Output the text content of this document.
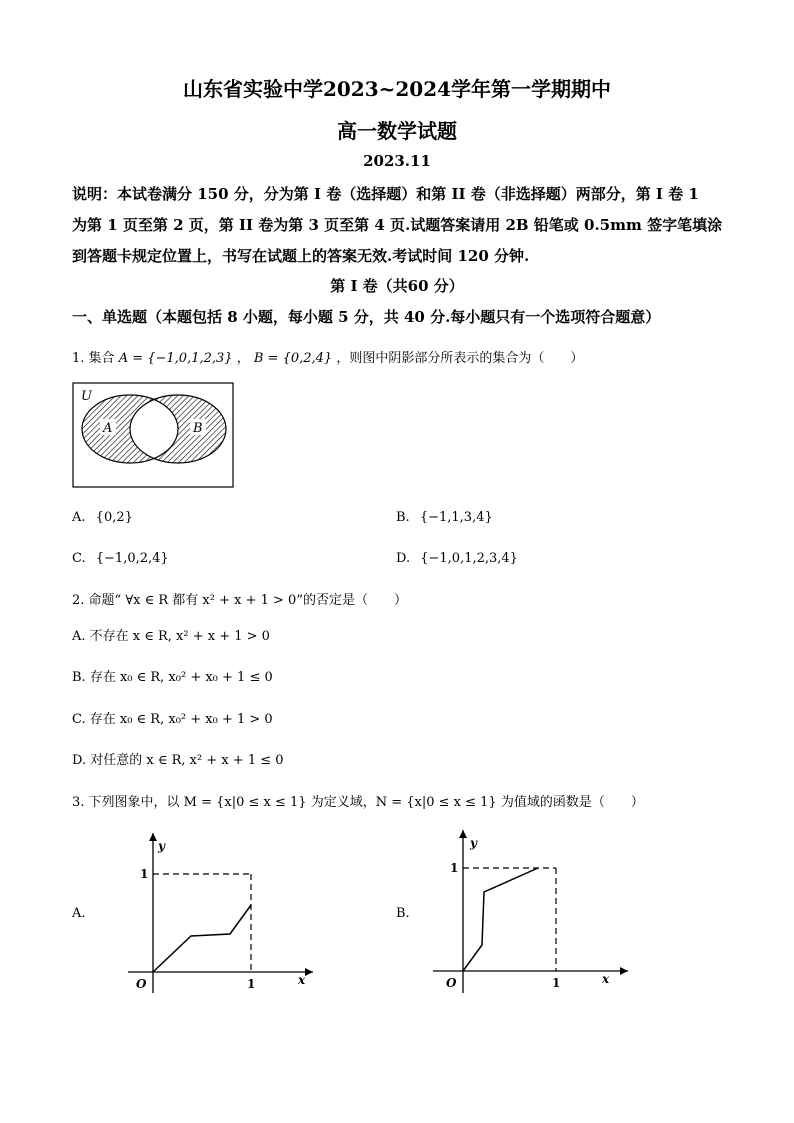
山东省实验中学2023~2024学年第一学期期中
高一数学试题
2023.11
说明：本试卷满分 150 分，分为第 I 卷（选择题）和第 II 卷（非选择题）两部分，第 I 卷 1
为第 1 页至第 2 页，第 II 卷为第 3 页至第 4 页.试题答案请用 2B 铅笔或 0.5mm 签字笔填涂
到答题卡规定位置上，书写在试题上的答案无效.考试时间 120 分钟.
第 I 卷（共60 分）
一、单选题（本题包括 8 小题，每小题 5 分，共 40 分.每小题只有一个选项符合题意）
1. 集合 A = {−1,0,1,2,3} ， B = {0,2,4} ，则图中阴影部分所表示的集合为（　　）
U
A	B
A. {0,2}	B. {−1,1,3,4}
C. {−1,0,2,4}	D. {−1,0,1,2,3,4}
2. 命题“ ∀x ∈ R 都有 x² + x + 1 > 0”的否定是（　　）
A. 不存在 x ∈ R, x² + x + 1 > 0
B. 存在 x₀ ∈ R, x₀² + x₀ + 1 ≤ 0
C. 存在 x₀ ∈ R, x₀² + x₀ + 1 > 0
D. 对任意的 x ∈ R, x² + x + 1 ≤ 0
3. 下列图象中，以 M = {x|0 ≤ x ≤ 1} 为定义域，N = {x|0 ≤ x ≤ 1} 为值域的函数是（　　）
A.
y
x
O	1
1
B.
y
x
O	1
1
